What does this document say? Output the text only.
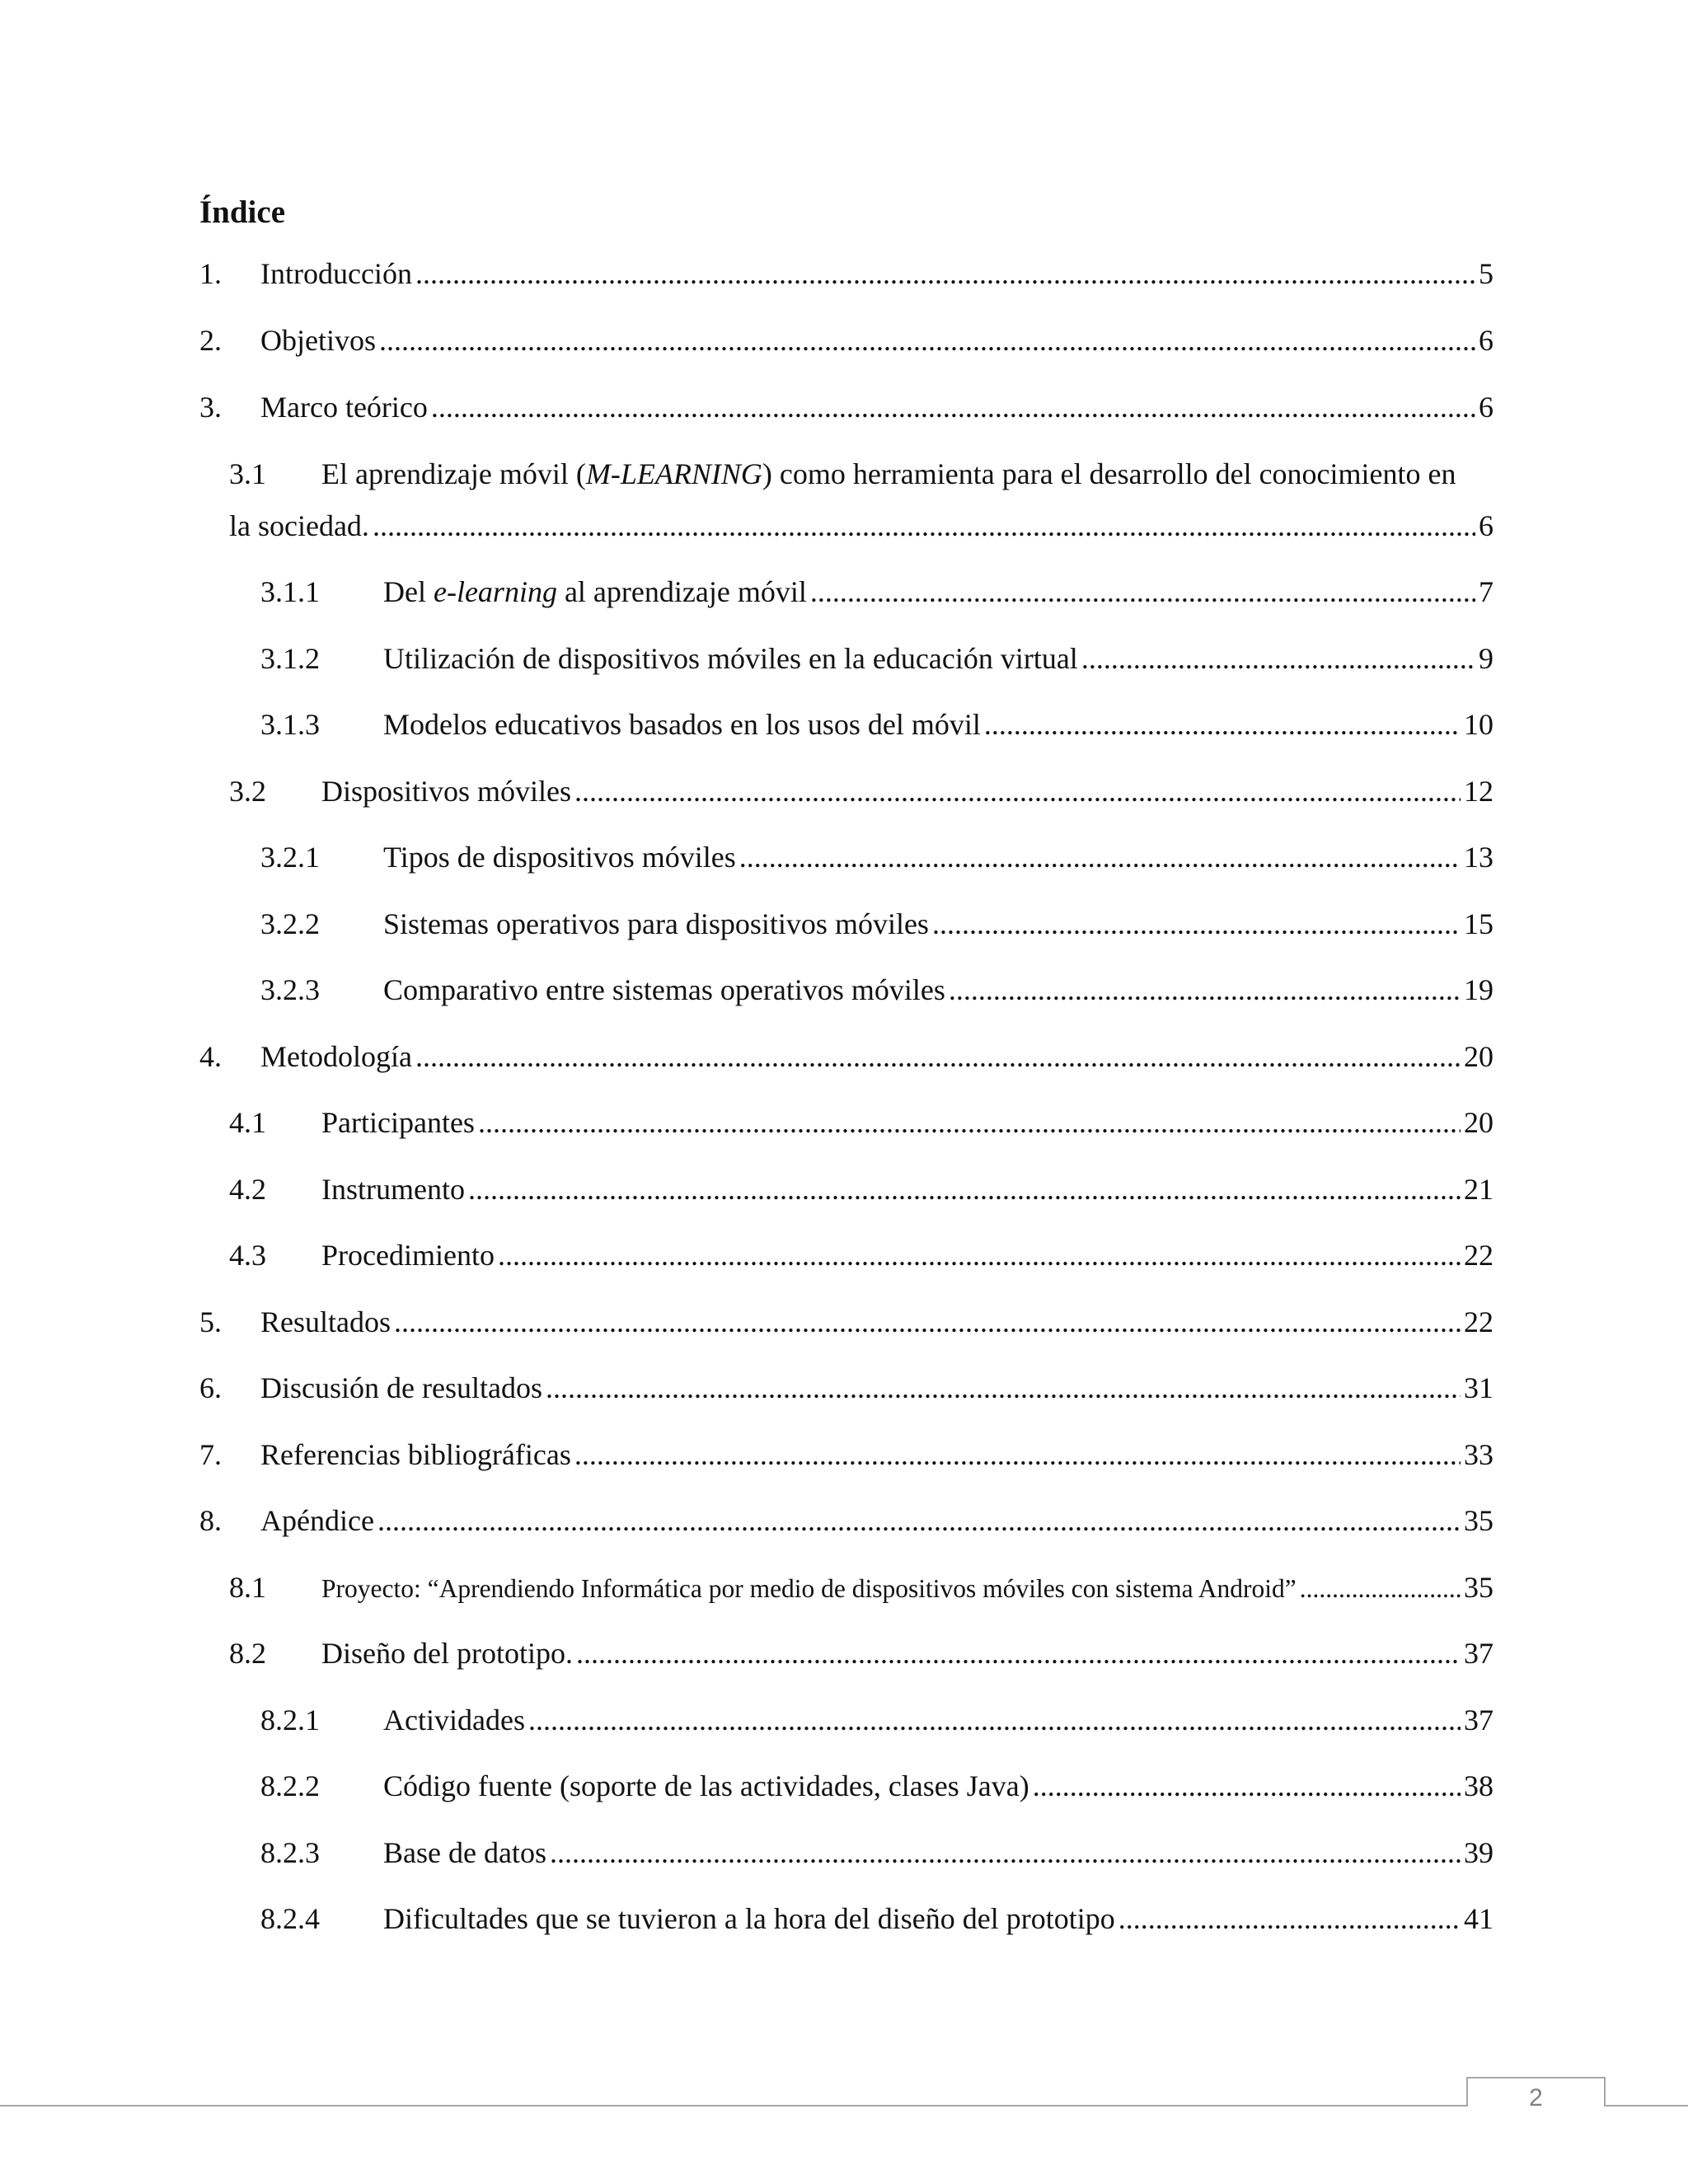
Índice
1.	Introducción .....	5
2.	Objetivos .....	6
3.	Marco teórico .....	6
3.1 El aprendizaje móvil (M-LEARNING) como herramienta para el desarrollo del conocimiento en
la sociedad. .....	6
3.1.1	Del e-learning al aprendizaje móvil .....	7
3.1.2	Utilización de dispositivos móviles en la educación virtual .....	9
3.1.3	Modelos educativos basados en los usos del móvil .....	10
3.2	Dispositivos móviles .....	12
3.2.1	Tipos de dispositivos móviles .....	13
3.2.2	Sistemas operativos para dispositivos móviles .....	15
3.2.3	Comparativo entre sistemas operativos móviles .....	19
4.	Metodología .....	20
4.1	Participantes .....	20
4.2	Instrumento .....	21
4.3	Procedimiento .....	22
5.	Resultados .....	22
6.	Discusión de resultados .....	31
7.	Referencias bibliográficas .....	33
8.	Apéndice .....	35
8.1	Proyecto: “Aprendiendo Informática por medio de dispositivos móviles con sistema Android” .....	35
8.2	Diseño del prototipo. .....	37
8.2.1	Actividades .....	37
8.2.2	Código fuente (soporte de las actividades, clases Java) .....	38
8.2.3	Base de datos .....	39
8.2.4	Dificultades que se tuvieron a la hora del diseño del prototipo .....	41
2
